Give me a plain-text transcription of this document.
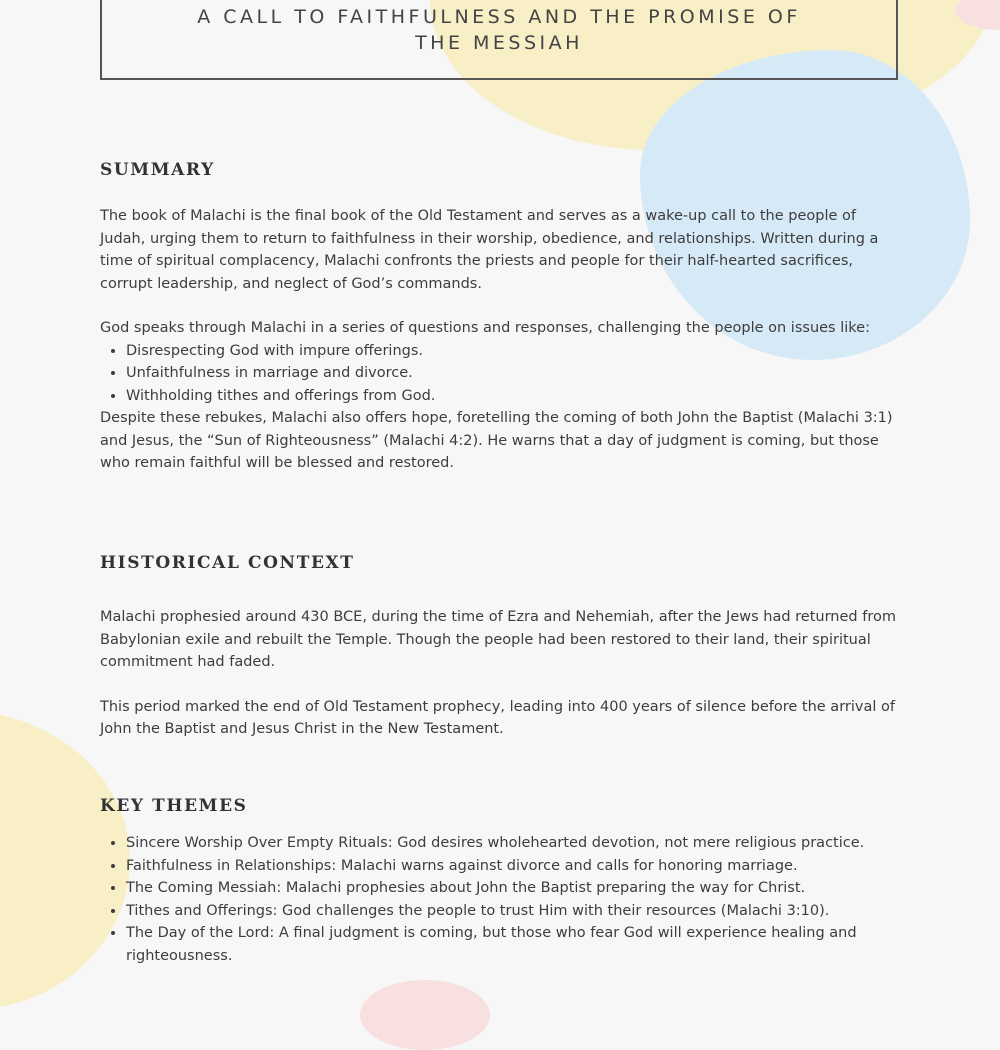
A CALL TO FAITHFULNESS AND THE PROMISE OF THE MESSIAH
SUMMARY

The book of Malachi is the final book of the Old Testament and serves as a wake-up call to the people of Judah, urging them to return to faithfulness in their worship, obedience, and relationships. Written during a time of spiritual complacency, Malachi confronts the priests and people for their half-hearted sacrifices, corrupt leadership, and neglect of God’s commands.

God speaks through Malachi in a series of questions and responses, challenging the people on issues like:

• Disrespecting God with impure offerings.
• Unfaithfulness in marriage and divorce.
• Withholding tithes and offerings from God.

Despite these rebukes, Malachi also offers hope, foretelling the coming of both John the Baptist (Malachi 3:1) and Jesus, the “Sun of Righteousness” (Malachi 4:2). He warns that a day of judgment is coming, but those who remain faithful will be blessed and restored.

HISTORICAL CONTEXT

Malachi prophesied around 430 BCE, during the time of Ezra and Nehemiah, after the Jews had returned from Babylonian exile and rebuilt the Temple. Though the people had been restored to their land, their spiritual commitment had faded.

This period marked the end of Old Testament prophecy, leading into 400 years of silence before the arrival of John the Baptist and Jesus Christ in the New Testament.

KEY THEMES
• Sincere Worship Over Empty Rituals: God desires wholehearted devotion, not mere religious practice.
• Faithfulness in Relationships: Malachi warns against divorce and calls for honoring marriage.
• The Coming Messiah: Malachi prophesies about John the Baptist preparing the way for Christ.
• Tithes and Offerings: God challenges the people to trust Him with their resources (Malachi 3:10).
• The Day of the Lord: A final judgment is coming, but those who fear God will experience healing and righteousness.
